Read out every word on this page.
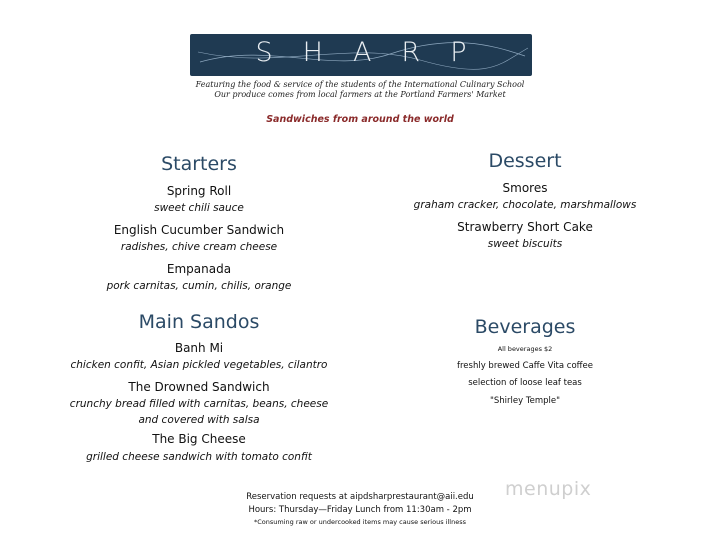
SHARP
Featuring the food & service of the students of the International Culinary School
Our produce comes from local farmers at the Portland Farmers' Market
Sandwiches from around the world
Starters
Spring Roll
sweet chili sauce
English Cucumber Sandwich
radishes, chive cream cheese
Empanada
pork carnitas, cumin, chilis, orange
Main Sandos
Banh Mi
chicken confit, Asian pickled vegetables, cilantro
The Drowned Sandwich
crunchy bread filled with carnitas, beans, cheese
and covered with salsa
The Big Cheese
grilled cheese sandwich with tomato confit
Dessert
Smores
graham cracker, chocolate, marshmallows
Strawberry Short Cake
sweet biscuits
Beverages
All beverages $2
freshly brewed Caffe Vita coffee
selection of loose leaf teas
"Shirley Temple"
Reservation requests at aipdsharprestaurant@aii.edu
Hours: Thursday—Friday Lunch from 11:30am - 2pm
*Consuming raw or undercooked items may cause serious illness
menupix
